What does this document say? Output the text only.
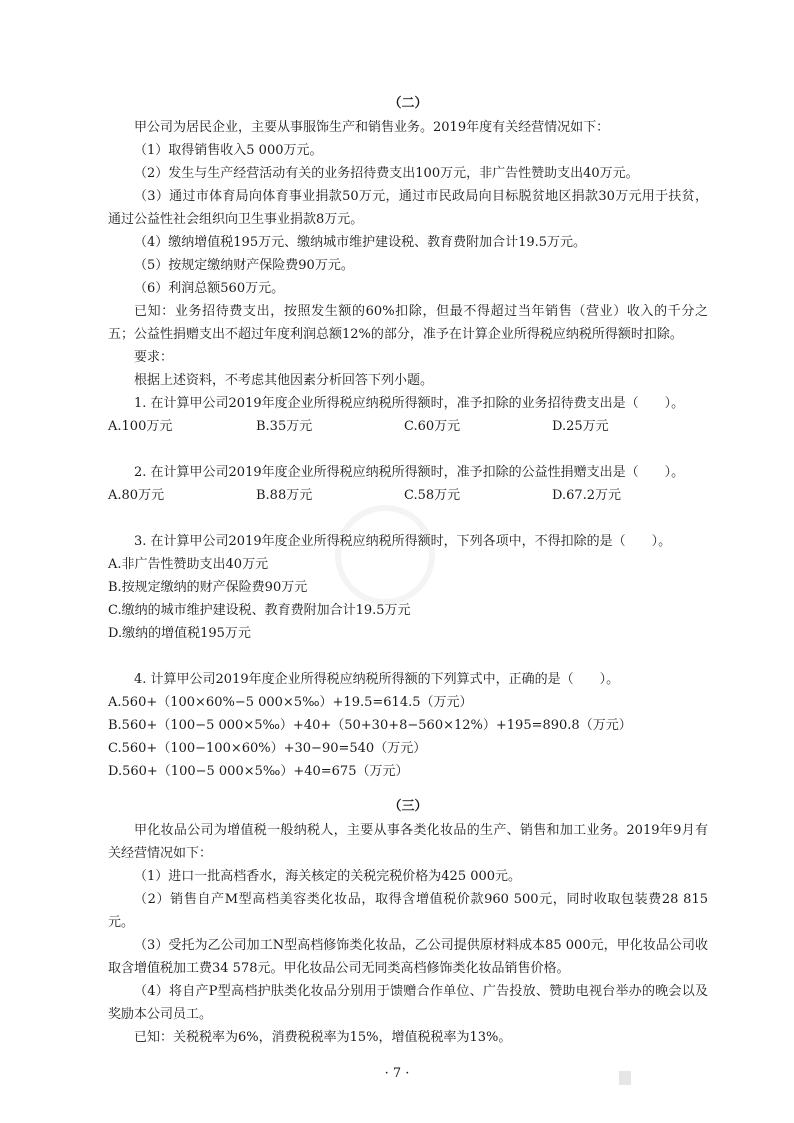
（二）

甲公司为居民企业，主要从事服饰生产和销售业务。2019年度有关经营情况如下：

（1）取得销售收入5 000万元。

（2）发生与生产经营活动有关的业务招待费支出100万元，非广告性赞助支出40万元。

（3）通过市体育局向体育事业捐款50万元，通过市民政局向目标脱贫地区捐款30万元用于扶贫，通过公益性社会组织向卫生事业捐款8万元。

（4）缴纳增值税195万元、缴纳城市维护建设税、教育费附加合计19.5万元。

（5）按规定缴纳财产保险费90万元。

（6）利润总额560万元。

已知：业务招待费支出，按照发生额的60%扣除，但最不得超过当年销售（营业）收入的千分之五；公益性捐赠支出不超过年度利润总额12%的部分，准予在计算企业所得税应纳税所得额时扣除。

要求：

根据上述资料，不考虑其他因素分析回答下列小题。

1. 在计算甲公司2019年度企业所得税应纳税所得额时，准予扣除的业务招待费支出是（　　）。

A.100万元	B.35万元	C.60万元	D.25万元

2. 在计算甲公司2019年度企业所得税应纳税所得额时，准予扣除的公益性捐赠支出是（　　）。

A.80万元	B.88万元	C.58万元	D.67.2万元

3. 在计算甲公司2019年度企业所得税应纳税所得额时，下列各项中，不得扣除的是（　　）。

A.非广告性赞助支出40万元

B.按规定缴纳的财产保险费90万元

C.缴纳的城市维护建设税、教育费附加合计19.5万元

D.缴纳的增值税195万元

4. 计算甲公司2019年度企业所得税应纳税所得额的下列算式中，正确的是（　　）。

A.560+（100×60%−5 000×5‰）+19.5=614.5（万元）

B.560+（100−5 000×5‰）+40+（50+30+8−560×12%）+195=890.8（万元）

C.560+（100−100×60%）+30−90=540（万元）

D.560+（100−5 000×5‰）+40=675（万元）

（三）

甲化妆品公司为增值税一般纳税人，主要从事各类化妆品的生产、销售和加工业务。2019年9月有关经营情况如下：

（1）进口一批高档香水，海关核定的关税完税价格为425 000元。

（2）销售自产M型高档美容类化妆品，取得含增值税价款960 500元，同时收取包装费28 815元。

（3）受托为乙公司加工N型高档修饰类化妆品，乙公司提供原材料成本85 000元，甲化妆品公司收取含增值税加工费34 578元。甲化妆品公司无同类高档修饰类化妆品销售价格。

（4）将自产P型高档护肤类化妆品分别用于馈赠合作单位、广告投放、赞助电视台举办的晚会以及奖励本公司员工。

已知：关税税率为6%，消费税税率为15%，增值税税率为13%。

· 7 ·
